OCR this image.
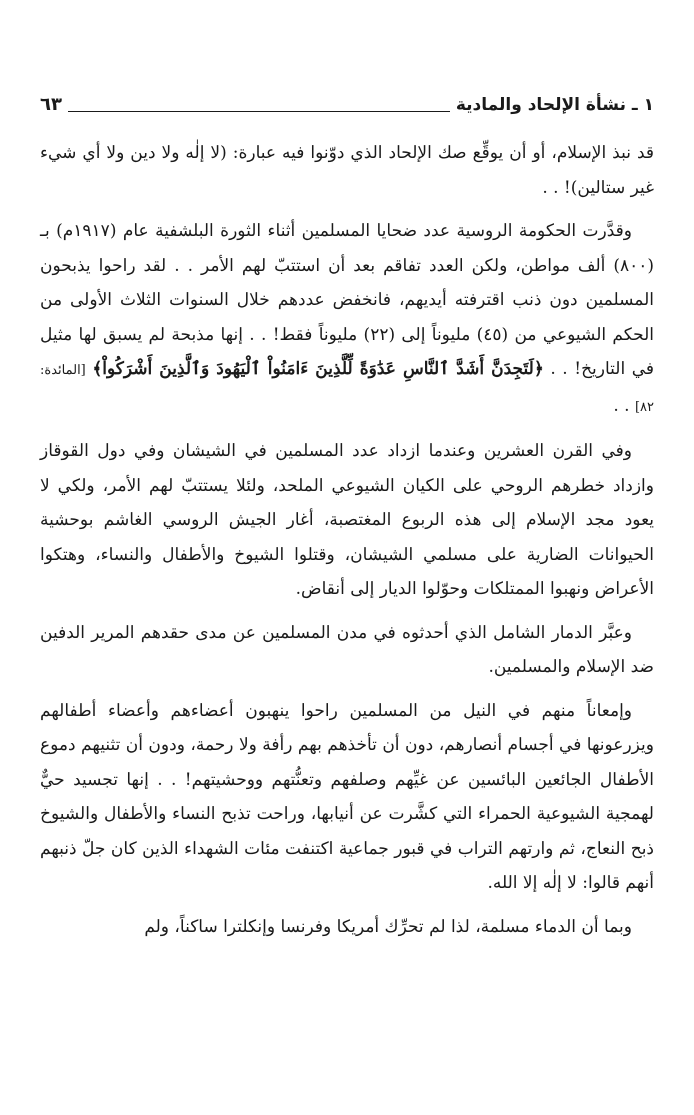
١ ـ نشأة الإلحاد والمادية
٦٣

قد نبذ الإسلام، أو أن يوقِّع صك الإلحاد الذي دوّنوا فيه عبارة: (لا إلٰه ولا دين ولا أي شيء غير ستالين)! . .

وقدَّرت الحكومة الروسية عدد ضحايا المسلمين أثناء الثورة البلشفية عام (١٩١٧م) بـ (٨٠٠) ألف مواطن، ولكن العدد تفاقم بعد أن استتبّ لهم الأمر . . لقد راحوا يذبحون المسلمين دون ذنب اقترفته أيديهم، فانخفض عددهم خلال السنوات الثلاث الأولى من الحكم الشيوعي من (٤٥) مليوناً إلى (٢٢) مليوناً فقط! . . إنها مذبحة لم يسبق لها مثيل في التاريخ! . . ﴿لَتَجِدَنَّ أَشَدَّ ٱلنَّاسِ عَدَٰوَةً لِّلَّذِينَ ءَامَنُواْ ٱلْيَهُودَ وَٱلَّذِينَ أَشْرَكُواْ﴾ [المائدة: ٨٢] . .

وفي القرن العشرين وعندما ازداد عدد المسلمين في الشيشان وفي دول القوقاز وازداد خطرهم الروحي على الكيان الشيوعي الملحد، ولئلا يستتبّ لهم الأمر، ولكي لا يعود مجد الإسلام إلى هذه الربوع المغتصبة، أغار الجيش الروسي الغاشم بوحشية الحيوانات الضارية على مسلمي الشيشان، وقتلوا الشيوخ والأطفال والنساء، وهتكوا الأعراض ونهبوا الممتلكات وحوّلوا الديار إلى أنقاض.

وعبَّر الدمار الشامل الذي أحدثوه في مدن المسلمين عن مدى حقدهم المرير الدفين ضد الإسلام والمسلمين.

وإمعاناً منهم في النيل من المسلمين راحوا ينهبون أعضاءهم وأعضاء أطفالهم ويزرعونها في أجسام أنصارهم، دون أن تأخذهم بهم رأفة ولا رحمة، ودون أن تثنيهم دموع الأطفال الجائعين البائسين عن غيِّهم وصلفهم وتعنُّتهم ووحشيتهم! . . إنها تجسيد حيٌّ لهمجية الشيوعية الحمراء التي كشَّرت عن أنيابها، وراحت تذبح النساء والأطفال والشيوخ ذبح النعاج، ثم وارتهم التراب في قبور جماعية اكتنفت مئات الشهداء الذين كان جلّ ذنبهم أنهم قالوا: لا إلٰه إلا الله.

وبما أن الدماء مسلمة، لذا لم تحرِّك أمريكا وفرنسا وإنكلترا ساكناً، ولم
